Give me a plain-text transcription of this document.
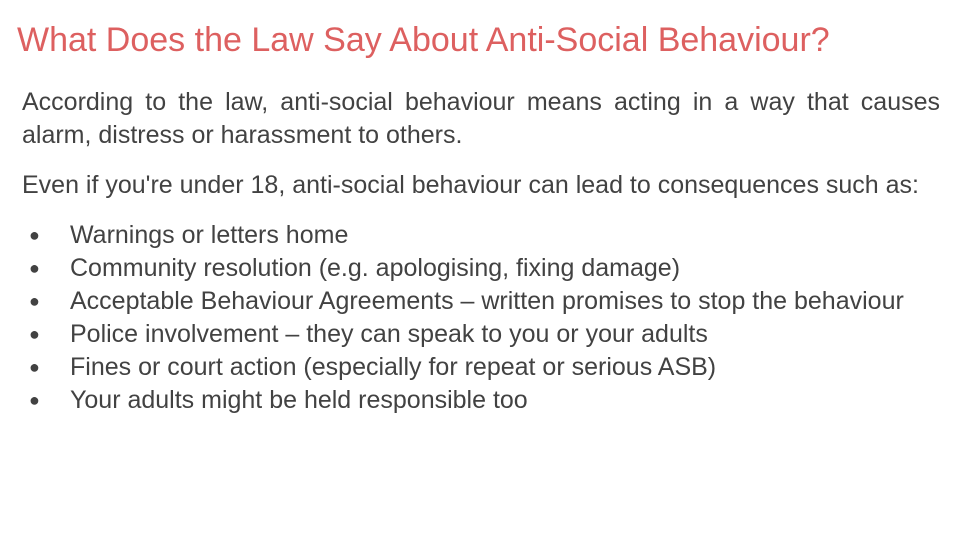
What Does the Law Say About Anti-Social Behaviour?

According to the law, anti-social behaviour means acting in a way that causes alarm, distress or harassment to others.

Even if you're under 18, anti-social behaviour can lead to consequences such as:

● Warnings or letters home
● Community resolution (e.g. apologising, fixing damage)
● Acceptable Behaviour Agreements – written promises to stop the behaviour
● Police involvement – they can speak to you or your adults
● Fines or court action (especially for repeat or serious ASB)
● Your adults might be held responsible too
